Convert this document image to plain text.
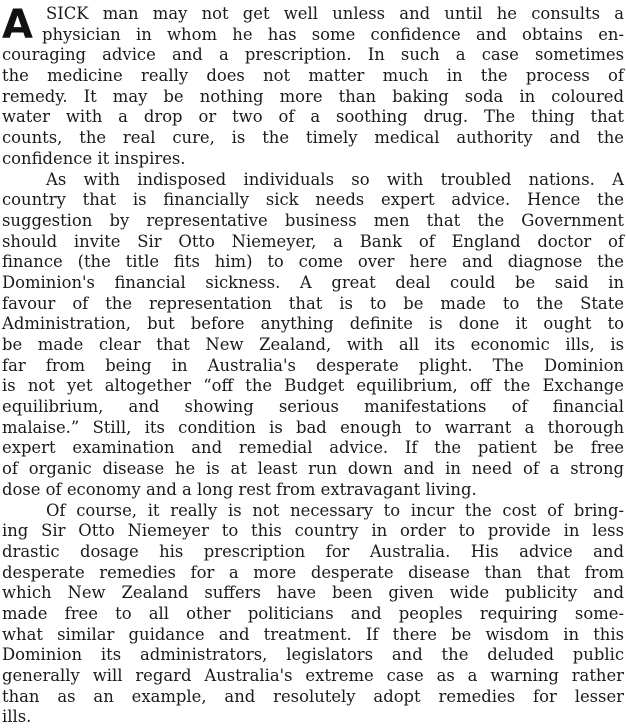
A SICK man may not get well unless and until he consults a
physician in whom he has some confidence and obtains en-
couraging advice and a prescription. In such a case sometimes
the medicine really does not matter much in the process of
remedy. It may be nothing more than baking soda in coloured
water with a drop or two of a soothing drug. The thing that
counts, the real cure, is the timely medical authority and the
confidence it inspires.
As with indisposed individuals so with troubled nations. A
country that is financially sick needs expert advice. Hence the
suggestion by representative business men that the Government
should invite Sir Otto Niemeyer, a Bank of England doctor of
finance (the title fits him) to come over here and diagnose the
Dominion's financial sickness. A great deal could be said in
favour of the representation that is to be made to the State
Administration, but before anything definite is done it ought to
be made clear that New Zealand, with all its economic ills, is
far from being in Australia's desperate plight. The Dominion
is not yet altogether “off the Budget equilibrium, off the Exchange
equilibrium, and showing serious manifestations of financial
malaise.” Still, its condition is bad enough to warrant a thorough
expert examination and remedial advice. If the patient be free
of organic disease he is at least run down and in need of a strong
dose of economy and a long rest from extravagant living.
Of course, it really is not necessary to incur the cost of bring-
ing Sir Otto Niemeyer to this country in order to provide in less
drastic dosage his prescription for Australia. His advice and
desperate remedies for a more desperate disease than that from
which New Zealand suffers have been given wide publicity and
made free to all other politicians and peoples requiring some-
what similar guidance and treatment. If there be wisdom in this
Dominion its administrators, legislators and the deluded public
generally will regard Australia's extreme case as a warning rather
than as an example, and resolutely adopt remedies for lesser
ills.
